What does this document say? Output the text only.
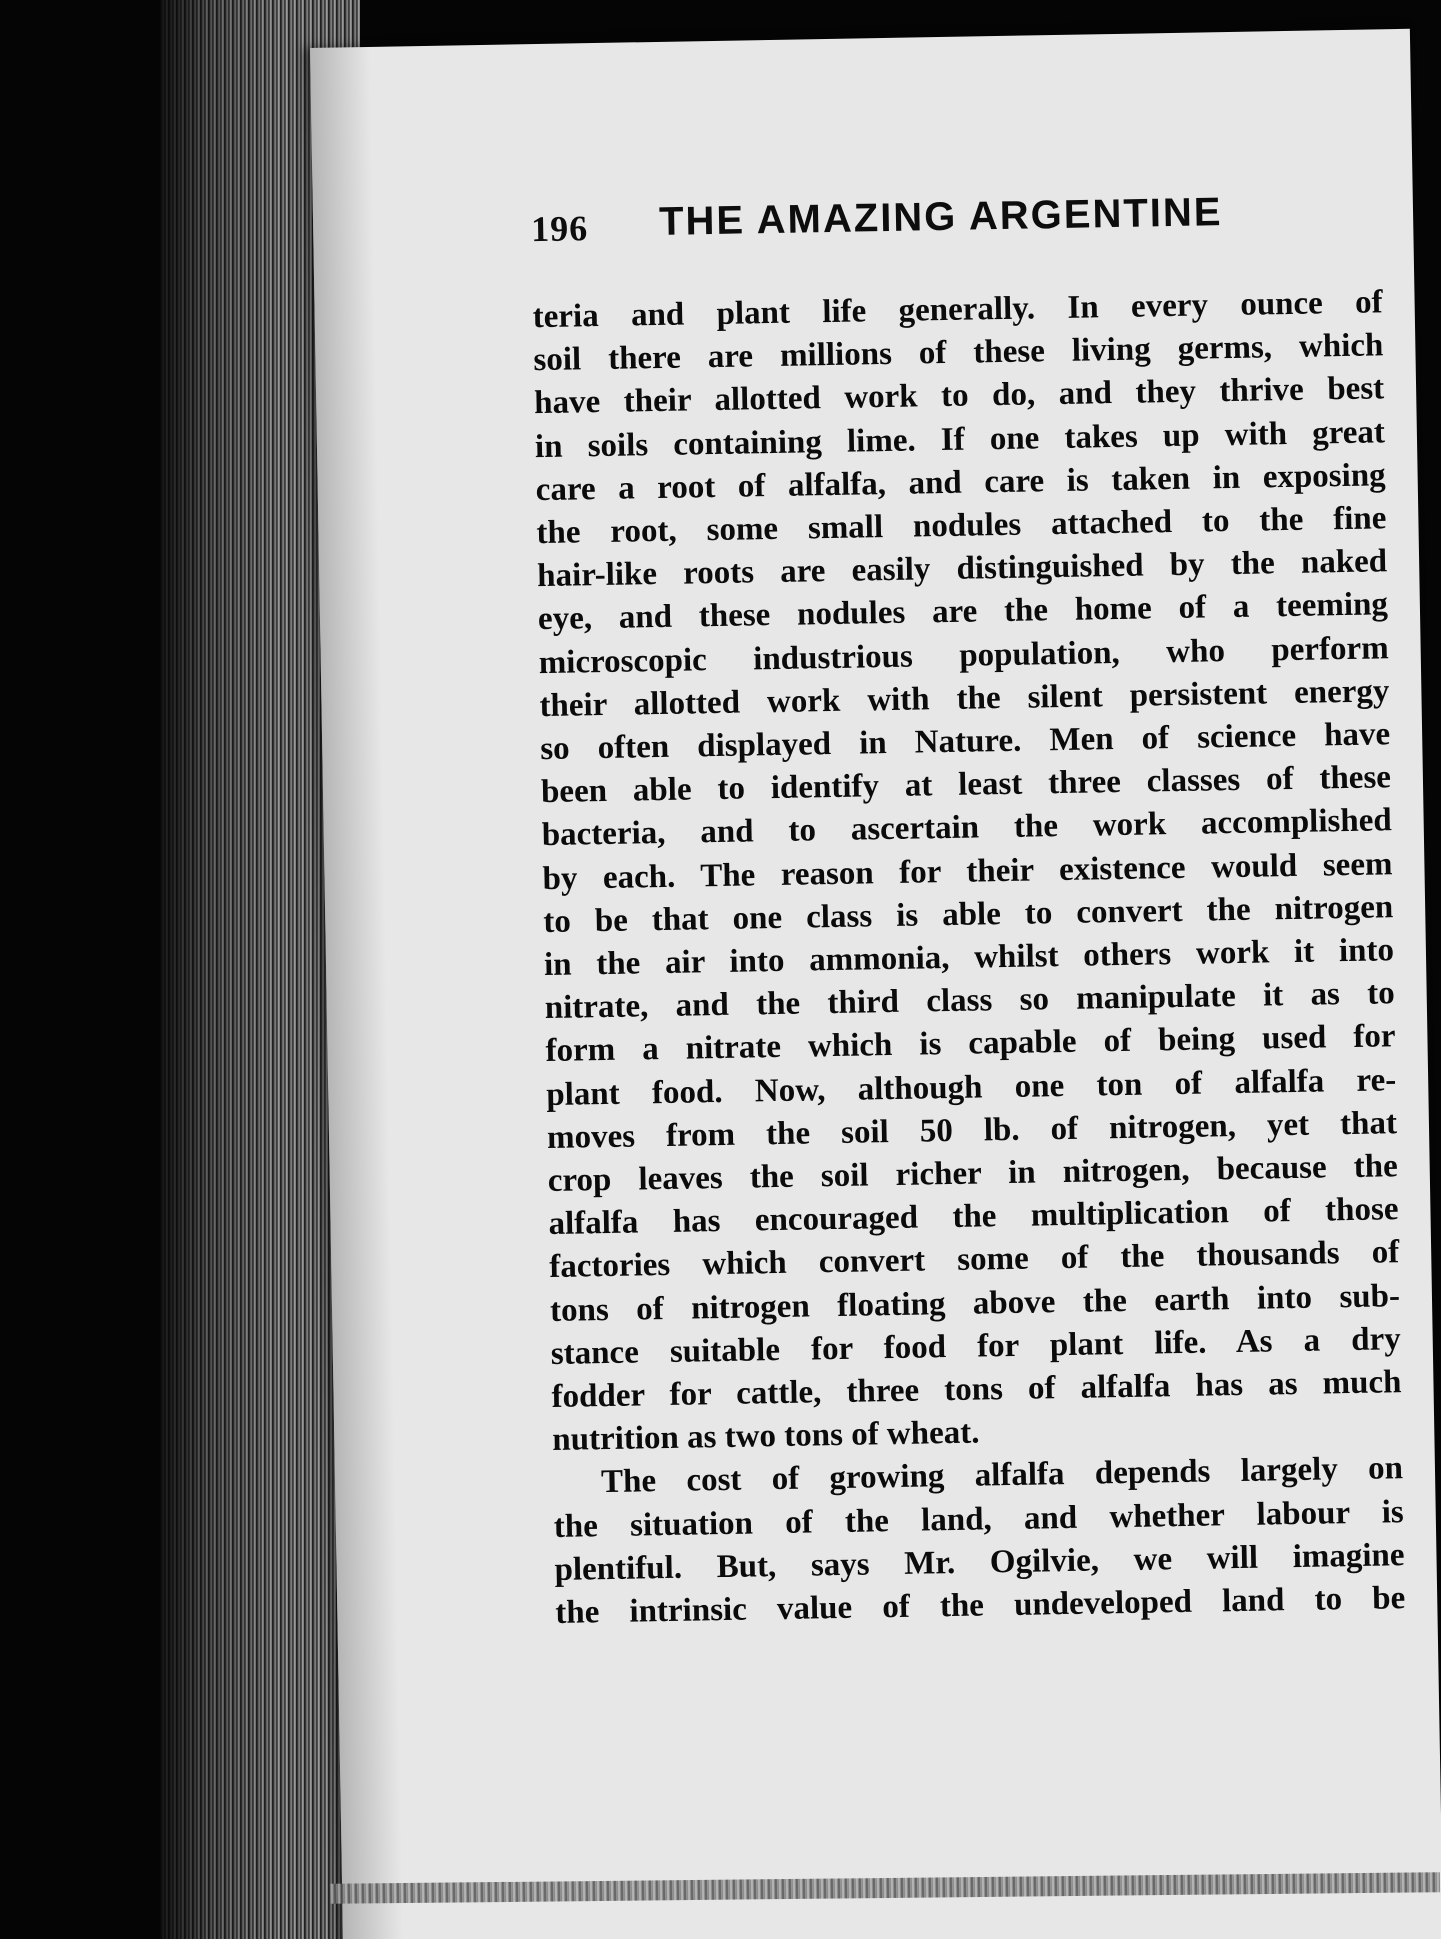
196 THE AMAZING ARGENTINE
teria and plant life generally. In every ounce of
soil there are millions of these living germs, which
have their allotted work to do, and they thrive best
in soils containing lime. If one takes up with great
care a root of alfalfa, and care is taken in exposing
the root, some small nodules attached to the fine
hair-like roots are easily distinguished by the naked
eye, and these nodules are the home of a teeming
microscopic industrious population, who perform
their allotted work with the silent persistent energy
so often displayed in Nature. Men of science have
been able to identify at least three classes of these
bacteria, and to ascertain the work accomplished
by each. The reason for their existence would seem
to be that one class is able to convert the nitrogen
in the air into ammonia, whilst others work it into
nitrate, and the third class so manipulate it as to
form a nitrate which is capable of being used for
plant food. Now, although one ton of alfalfa re-
moves from the soil 50 lb. of nitrogen, yet that
crop leaves the soil richer in nitrogen, because the
alfalfa has encouraged the multiplication of those
factories which convert some of the thousands of
tons of nitrogen floating above the earth into sub-
stance suitable for food for plant life. As a dry
fodder for cattle, three tons of alfalfa has as much
nutrition as two tons of wheat.
The cost of growing alfalfa depends largely on
the situation of the land, and whether labour is
plentiful. But, says Mr. Ogilvie, we will imagine
the intrinsic value of the undeveloped land to be
